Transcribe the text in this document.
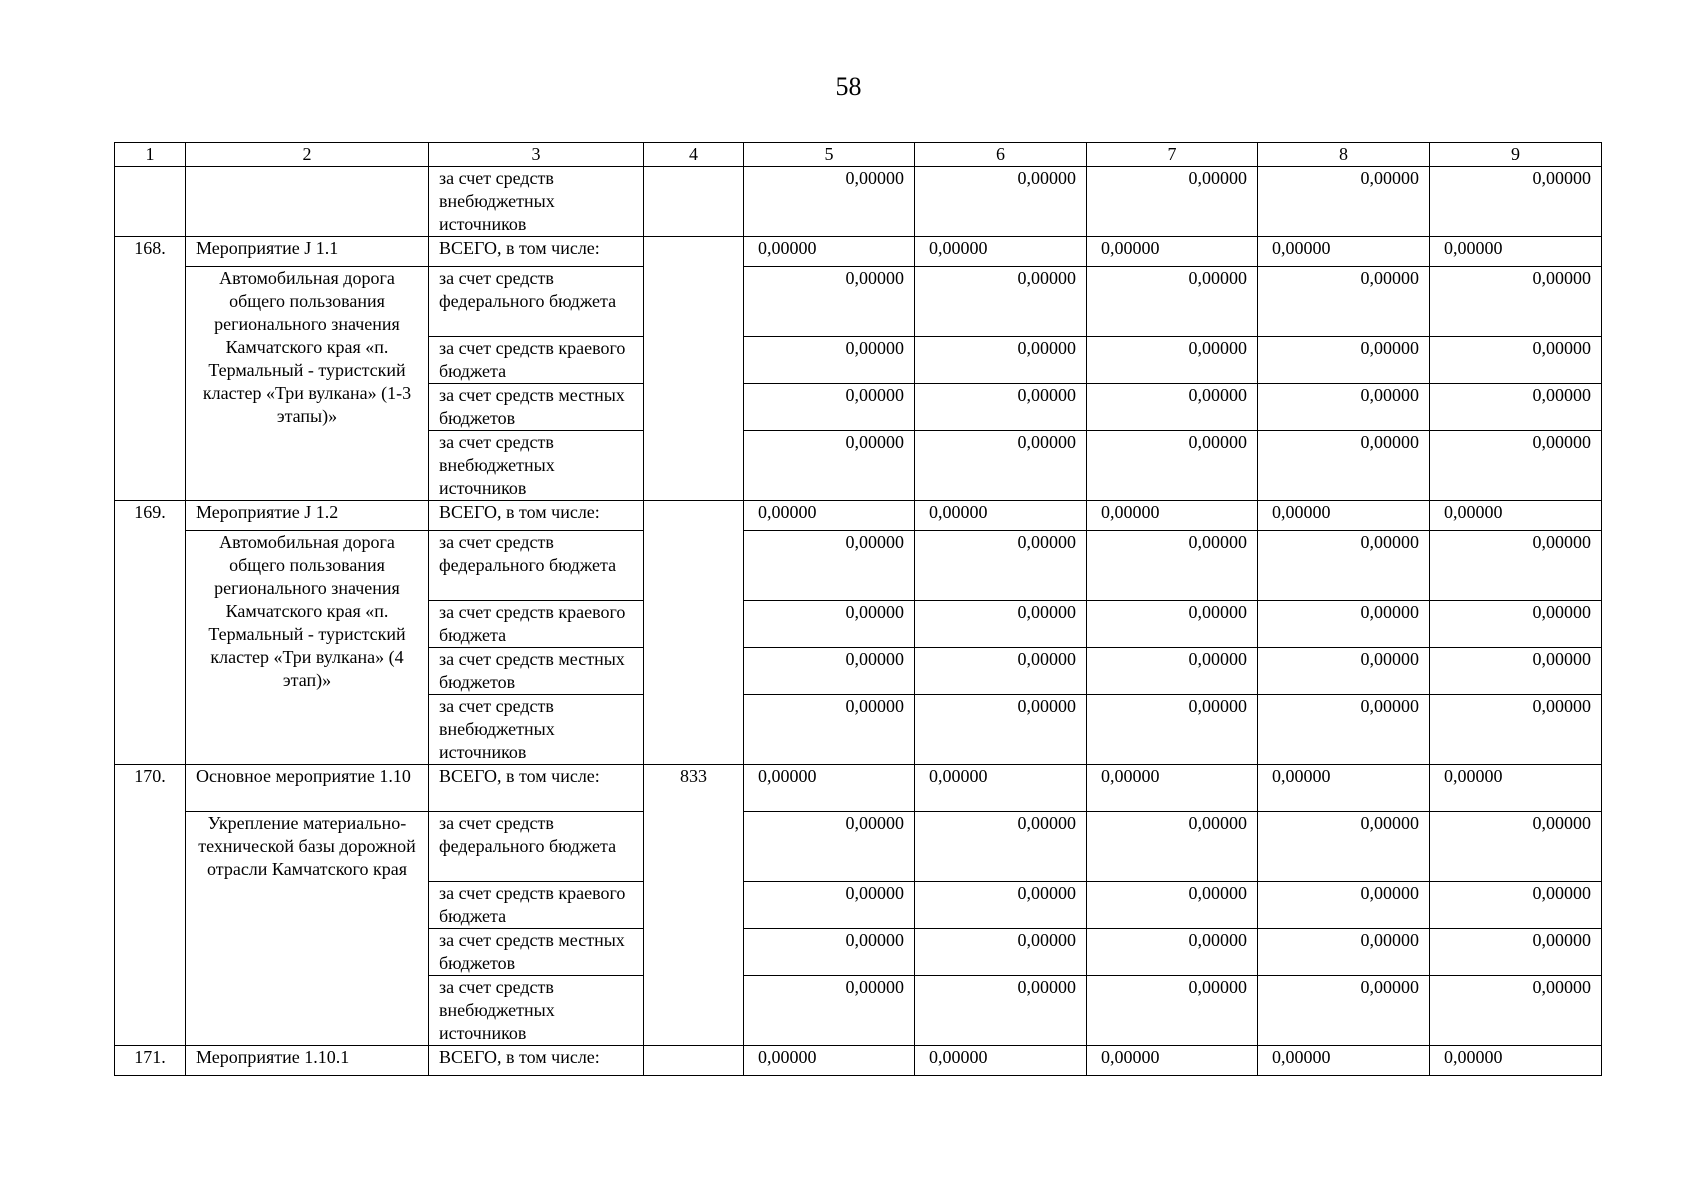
58
1	2	3	4	5	6	7	8	9
		за счет средств внебюджетных источников		0,00000	0,00000	0,00000	0,00000	0,00000
168.	Мероприятие J 1.1	ВСЕГО, в том числе:		0,00000	0,00000	0,00000	0,00000	0,00000
	Автомобильная дорога общего пользования регионального значения Камчатского края «п. Термальный - туристский кластер «Три вулкана» (1-3 этапы)»	за счет средств федерального бюджета		0,00000	0,00000	0,00000	0,00000	0,00000
		за счет средств краевого бюджета		0,00000	0,00000	0,00000	0,00000	0,00000
		за счет средств местных бюджетов		0,00000	0,00000	0,00000	0,00000	0,00000
		за счет средств внебюджетных источников		0,00000	0,00000	0,00000	0,00000	0,00000
169.	Мероприятие J 1.2	ВСЕГО, в том числе:		0,00000	0,00000	0,00000	0,00000	0,00000
	Автомобильная дорога общего пользования регионального значения Камчатского края «п. Термальный - туристский кластер «Три вулкана» (4 этап)»	за счет средств федерального бюджета		0,00000	0,00000	0,00000	0,00000	0,00000
		за счет средств краевого бюджета		0,00000	0,00000	0,00000	0,00000	0,00000
		за счет средств местных бюджетов		0,00000	0,00000	0,00000	0,00000	0,00000
		за счет средств внебюджетных источников		0,00000	0,00000	0,00000	0,00000	0,00000
170.	Основное мероприятие 1.10	ВСЕГО, в том числе:	833	0,00000	0,00000	0,00000	0,00000	0,00000
	Укрепление материально-технической базы дорожной отрасли Камчатского края	за счет средств федерального бюджета		0,00000	0,00000	0,00000	0,00000	0,00000
		за счет средств краевого бюджета		0,00000	0,00000	0,00000	0,00000	0,00000
		за счет средств местных бюджетов		0,00000	0,00000	0,00000	0,00000	0,00000
		за счет средств внебюджетных источников		0,00000	0,00000	0,00000	0,00000	0,00000
171.	Мероприятие 1.10.1	ВСЕГО, в том числе:		0,00000	0,00000	0,00000	0,00000	0,00000
